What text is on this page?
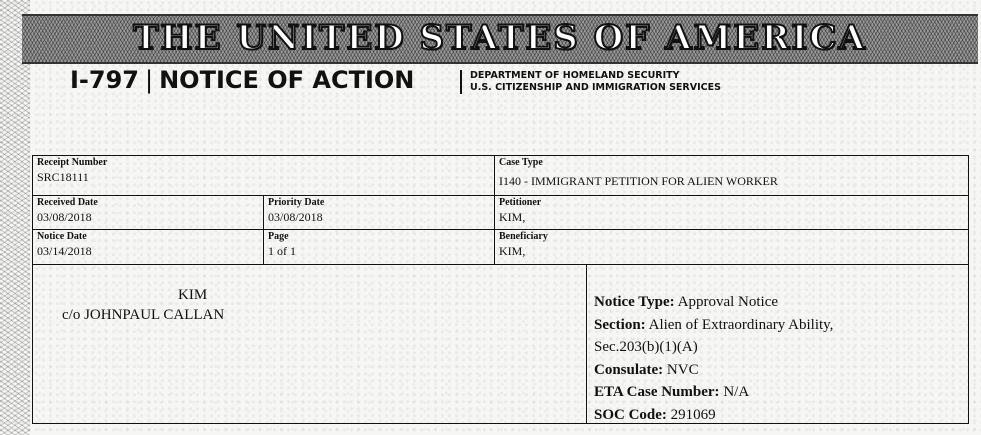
THE UNITED STATES OF AMERICA
I-797 | NOTICE OF ACTION	DEPARTMENT OF HOMELAND SECURITY
U.S. CITIZENSHIP AND IMMIGRATION SERVICES
Receipt Number
SRC18111
Case Type
I140 - IMMIGRANT PETITION FOR ALIEN WORKER
Received Date
03/08/2018
Priority Date
03/08/2018
Petitioner
KIM,
Notice Date
03/14/2018
Page
1 of 1
Beneficiary
KIM,
KIM
c/o JOHNPAUL CALLAN
Notice Type: Approval Notice
Section: Alien of Extraordinary Ability,
Sec.203(b)(1)(A)
Consulate: NVC
ETA Case Number: N/A
SOC Code: 291069
